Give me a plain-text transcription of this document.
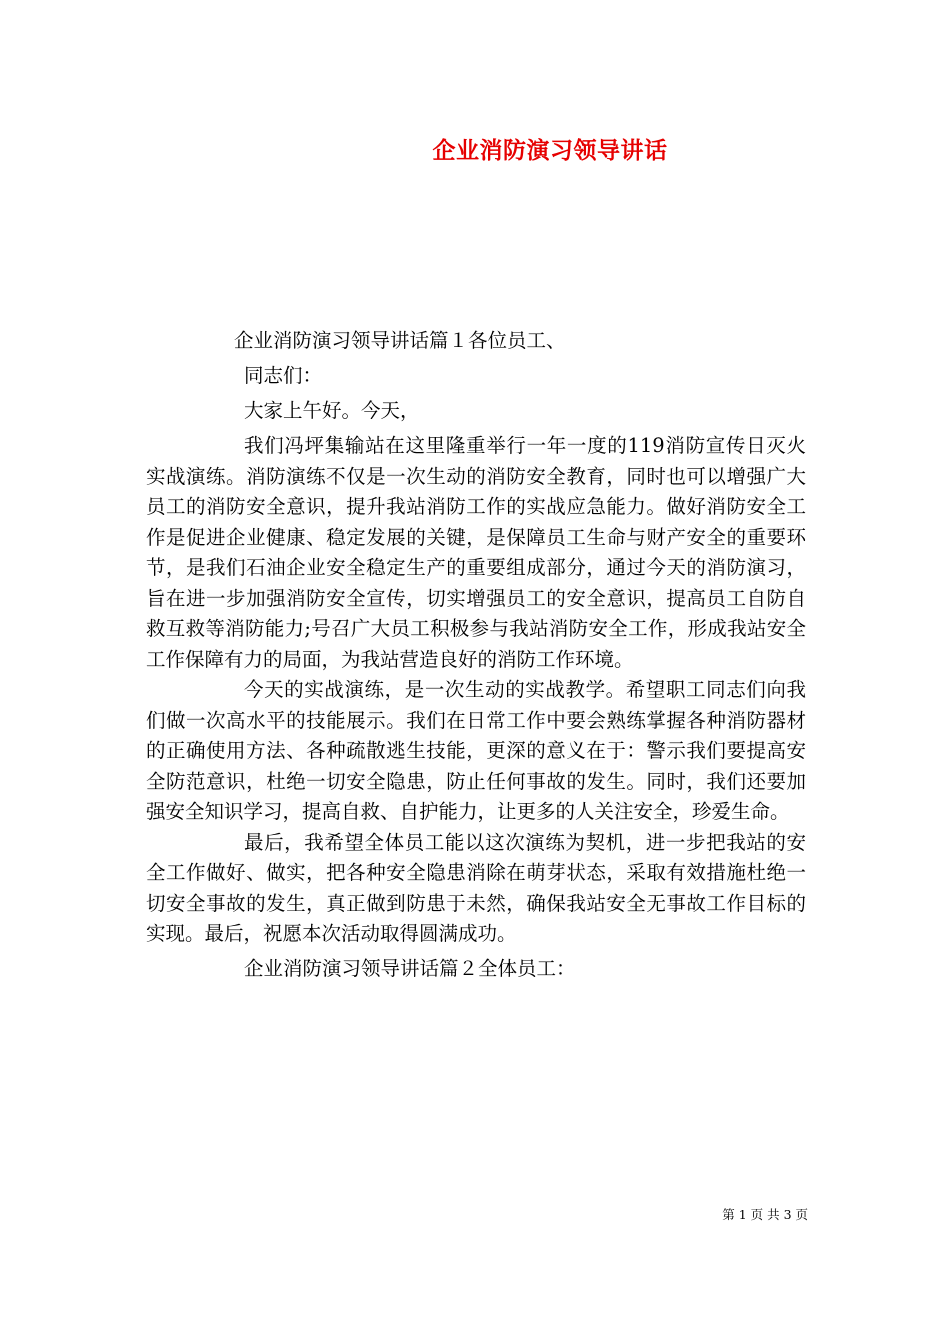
企业消防演习领导讲话
企业消防演习领导讲话篇１各位员工、
同志们：
大家上午好。今天，

我们冯坪集输站在这里隆重举行一年一度的119消防宣传日灭火实战演练。消防演练不仅是一次生动的消防安全教育，同时也可以增强广大员工的消防安全意识，提升我站消防工作的实战应急能力。做好消防安全工作是促进企业健康、稳定发展的关键，是保障员工生命与财产安全的重要环节，是我们石油企业安全稳定生产的重要组成部分，通过今天的消防演习，旨在进一步加强消防安全宣传，切实增强员工的安全意识，提高员工自防自救互救等消防能力;号召广大员工积极参与我站消防安全工作，形成我站安全工作保障有力的局面，为我站营造良好的消防工作环境。

今天的实战演练，是一次生动的实战教学。希望职工同志们向我们做一次高水平的技能展示。我们在日常工作中要会熟练掌握各种消防器材的正确使用方法、各种疏散逃生技能，更深的意义在于：警示我们要提高安全防范意识，杜绝一切安全隐患，防止任何事故的发生。同时，我们还要加强安全知识学习，提高自救、自护能力，让更多的人关注安全，珍爱生命。

最后，我希望全体员工能以这次演练为契机，进一步把我站的安全工作做好、做实，把各种安全隐患消除在萌芽状态，采取有效措施杜绝一切安全事故的发生，真正做到防患于未然，确保我站安全无事故工作目标的实现。最后，祝愿本次活动取得圆满成功。

企业消防演习领导讲话篇２全体员工：
第 1 页 共 3 页
